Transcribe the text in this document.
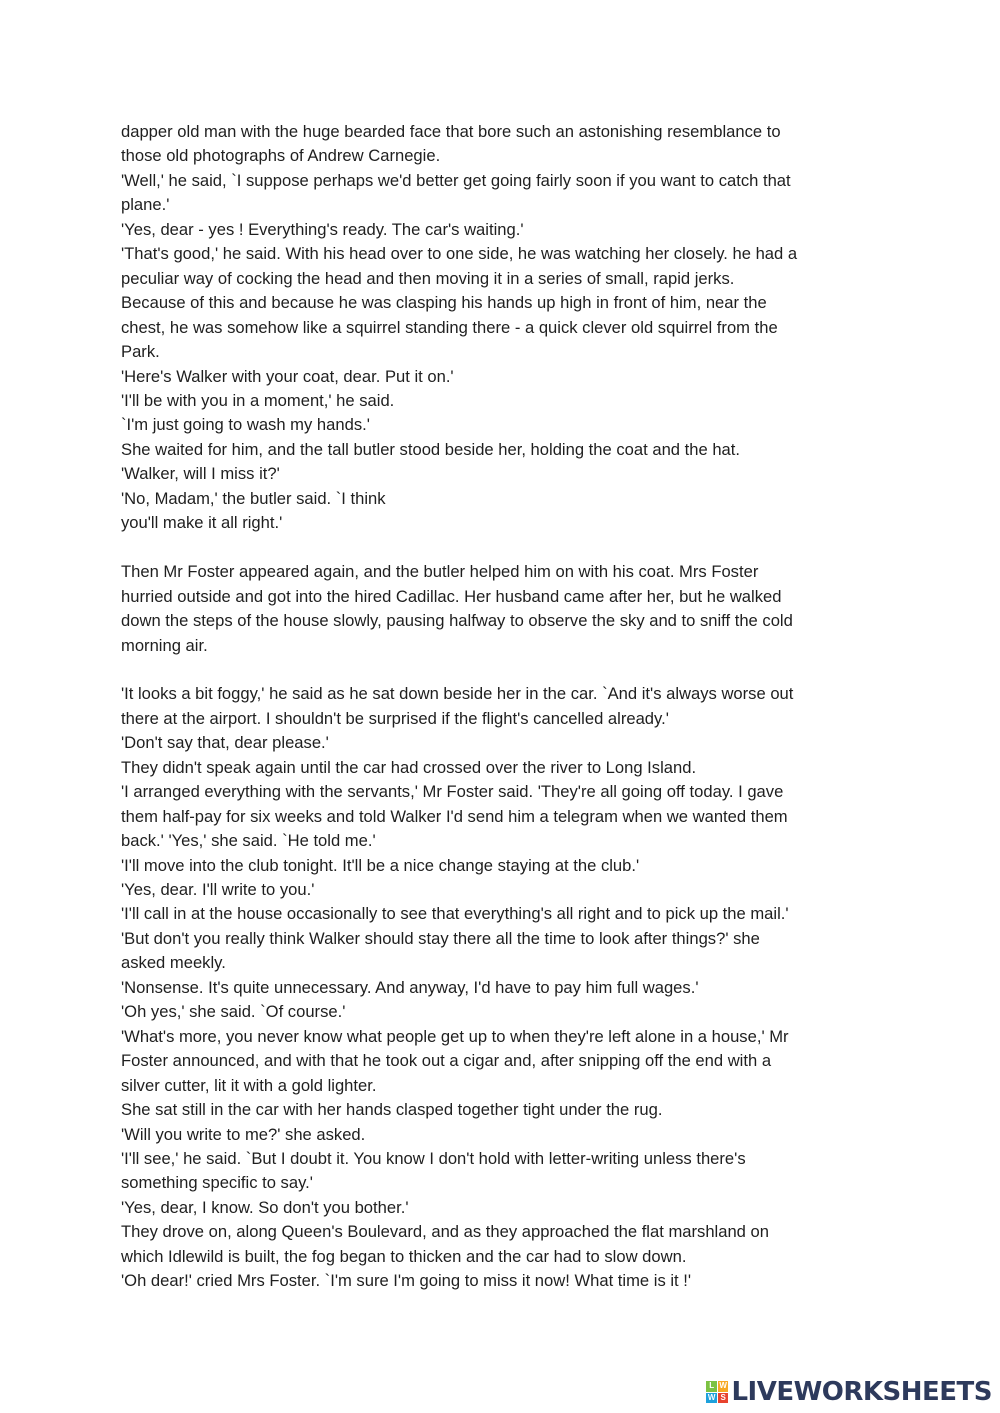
dapper old man with the huge bearded face that bore such an astonishing resemblance to
those old photographs of Andrew Carnegie.
'Well,' he said, `I suppose perhaps we'd better get going fairly soon if you want to catch that
plane.'
'Yes, dear - yes ! Everything's ready. The car's waiting.'
'That's good,' he said. With his head over to one side, he was watching her closely. he had a
peculiar way of cocking the head and then moving it in a series of small, rapid jerks.
Because of this and because he was clasping his hands up high in front of him, near the
chest, he was somehow like a squirrel standing there - a quick clever old squirrel from the
Park.
'Here's Walker with your coat, dear. Put it on.'
'I'll be with you in a moment,' he said.
`I'm just going to wash my hands.'
She waited for him, and the tall butler stood beside her, holding the coat and the hat.
'Walker, will I miss it?'
'No, Madam,' the butler said. `I think
you'll make it all right.'
Then Mr Foster appeared again, and the butler helped him on with his coat. Mrs Foster
hurried outside and got into the hired Cadillac. Her husband came after her, but he walked
down the steps of the house slowly, pausing halfway to observe the sky and to sniff the cold
morning air.
'It looks a bit foggy,' he said as he sat down beside her in the car. `And it's always worse out
there at the airport. I shouldn't be surprised if the flight's cancelled already.'
'Don't say that, dear please.'
They didn't speak again until the car had crossed over the river to Long Island.
'I arranged everything with the servants,' Mr Foster said. 'They're all going off today. I gave
them half-pay for six weeks and told Walker I'd send him a telegram when we wanted them
back.' 'Yes,' she said. `He told me.'
'I'll move into the club tonight. It'll be a nice change staying at the club.'
'Yes, dear. I'll write to you.'
'I'll call in at the house occasionally to see that everything's all right and to pick up the mail.'
'But don't you really think Walker should stay there all the time to look after things?' she
asked meekly.
'Nonsense. It's quite unnecessary. And anyway, I'd have to pay him full wages.'
'Oh yes,' she said. `Of course.'
'What's more, you never know what people get up to when they're left alone in a house,' Mr
Foster announced, and with that he took out a cigar and, after snipping off the end with a
silver cutter, lit it with a gold lighter.
She sat still in the car with her hands clasped together tight under the rug.
'Will you write to me?' she asked.
'I'll see,' he said. `But I doubt it. You know I don't hold with letter-writing unless there's
something specific to say.'
'Yes, dear, I know. So don't you bother.'
They drove on, along Queen's Boulevard, and as they approached the flat marshland on
which Idlewild is built, the fog began to thicken and the car had to slow down.
'Oh dear!' cried Mrs Foster. `I'm sure I'm going to miss it now! What time is it !'
L W
W S LIVEWORKSHEETS
